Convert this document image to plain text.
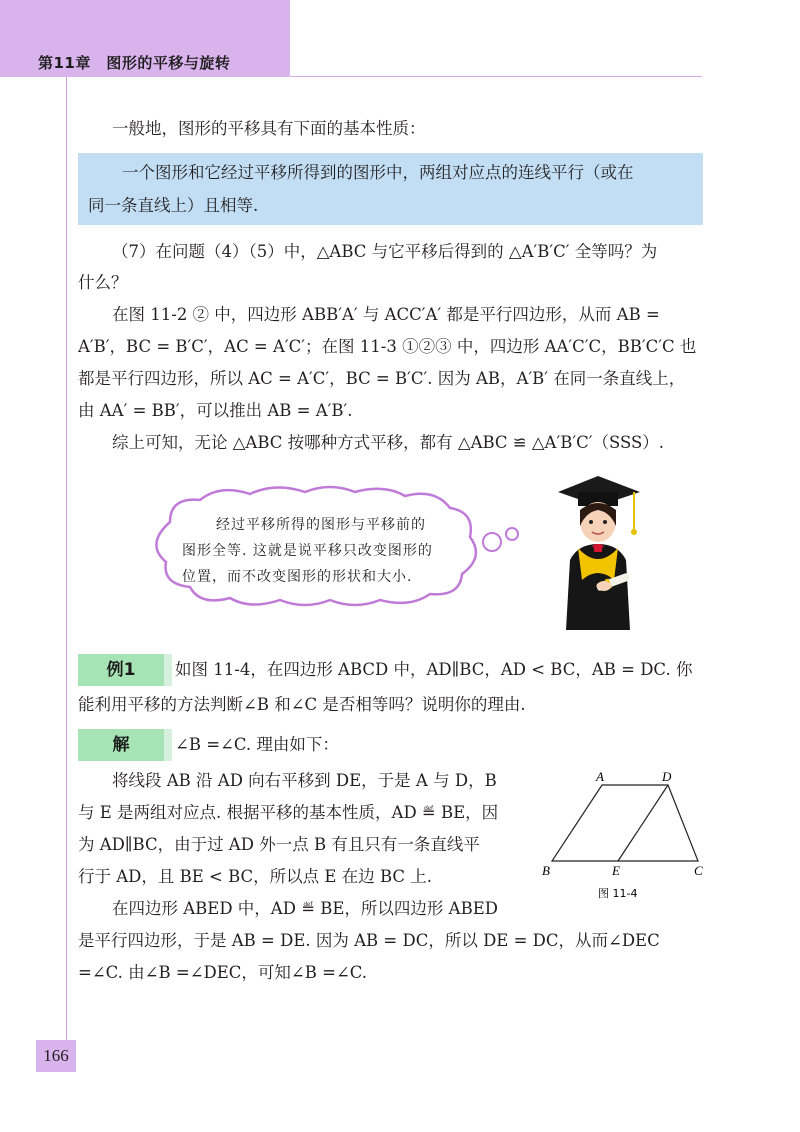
第11章　图形的平移与旋转
一般地，图形的平移具有下面的基本性质：
一个图形和它经过平移所得到的图形中，两组对应点的连线平行（或在
同一条直线上）且相等.
（7）在问题（4）（5）中，△ABC 与它平移后得到的 △A′B′C′ 全等吗？为
什么？
在图 11-2 ② 中，四边形 ABB′A′ 与 ACC′A′ 都是平行四边形，从而 AB =
A′B′，BC = B′C′，AC = A′C′；在图 11-3 ①②③ 中，四边形 AA′C′C，BB′C′C 也
都是平行四边形，所以 AC = A′C′，BC = B′C′. 因为 AB，A′B′ 在同一条直线上，
由 AA′ = BB′，可以推出 AB = A′B′.
综上可知，无论 △ABC 按哪种方式平移，都有 △ABC ≌ △A′B′C′（SSS）.
经过平移所得的图形与平移前的
图形全等. 这就是说平移只改变图形的
位置，而不改变图形的形状和大小.
例1	如图 11-4，在四边形 ABCD 中，AD∥BC，AD < BC，AB = DC. 你
能利用平移的方法判断∠B 和∠C 是否相等吗？说明你的理由.
解	∠B =∠C. 理由如下：
将线段 AB 沿 AD 向右平移到 DE，于是 A 与 D，B
与 E 是两组对应点. 根据平移的基本性质，AD ≝ BE，因
为 AD∥BC，由于过 AD 外一点 B 有且只有一条直线平
行于 AD，且 BE < BC，所以点 E 在边 BC 上.
在四边形 ABED 中，AD ≝ BE，所以四边形 ABED
是平行四边形，于是 AB = DE. 因为 AB = DC，所以 DE = DC，从而∠DEC
=∠C. 由∠B =∠DEC，可知∠B =∠C.
A	D
B	E	C
图 11-4
166
